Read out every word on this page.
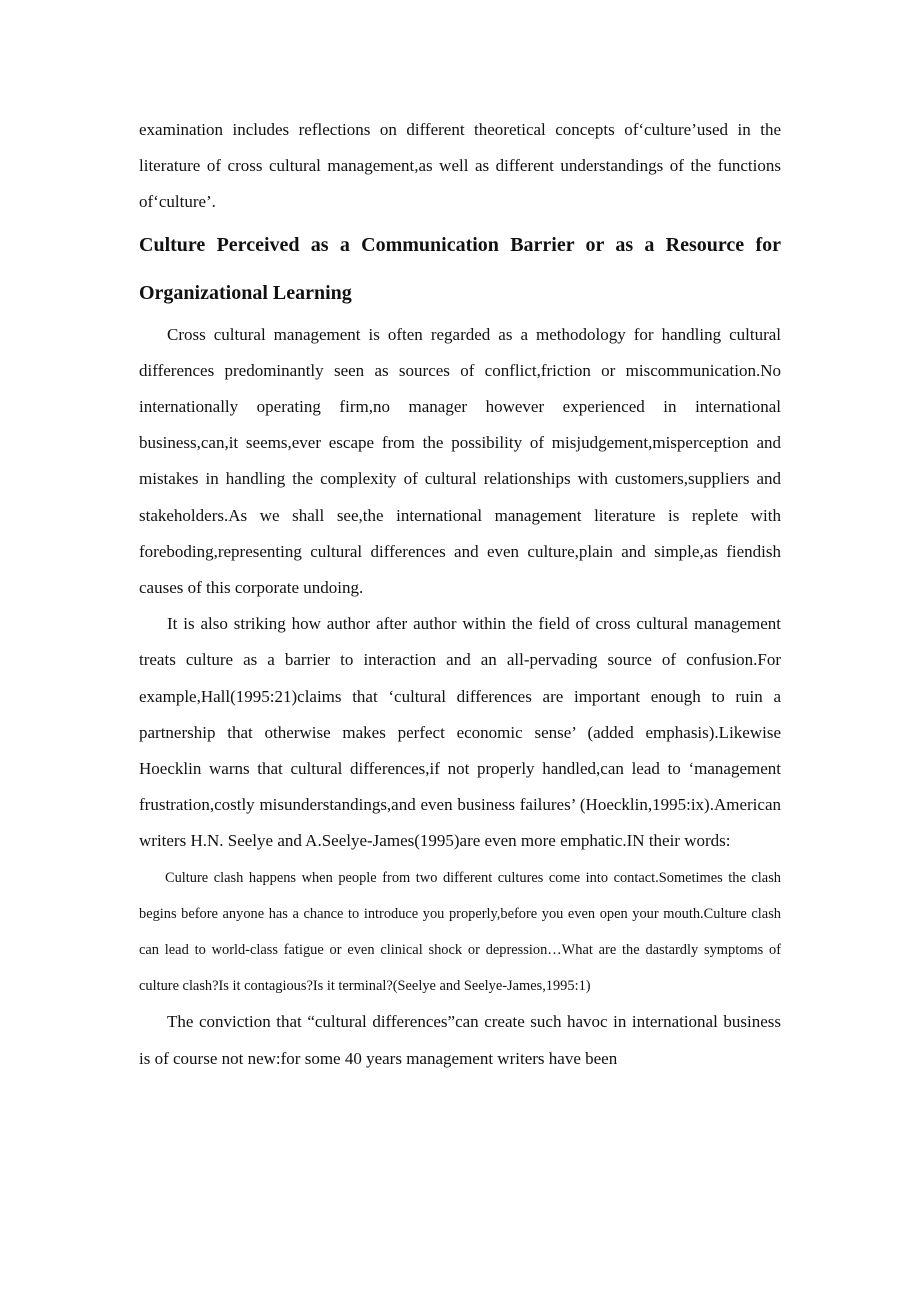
examination includes reflections on different theoretical concepts of‘culture’used in the literature of cross cultural management,as well as different understandings of the functions of‘culture’.

Culture Perceived as a Communication Barrier or as a Resource for Organizational Learning

Cross cultural management is often regarded as a methodology for handling cultural differences predominantly seen as sources of conflict,friction or miscommunication.No internationally operating firm,no manager however experienced in international business,can,it seems,ever escape from the possibility of misjudgement,misperception and mistakes in handling the complexity of cultural relationships with customers,suppliers and stakeholders.As we shall see,the international management literature is replete with foreboding,representing cultural differences and even culture,plain and simple,as fiendish causes of this corporate undoing.

It is also striking how author after author within the field of cross cultural management treats culture as a barrier to interaction and an all-pervading source of confusion.For example,Hall(1995:21)claims that ‘cultural differences are important enough to ruin a partnership that otherwise makes perfect economic sense’ (added emphasis).Likewise Hoecklin warns that cultural differences,if not properly handled,can lead to ‘management frustration,costly misunderstandings,and even business failures’ (Hoecklin,1995:ix).American writers H.N. Seelye and A.Seelye-James(1995)are even more emphatic.IN their words:

Culture clash happens when people from two different cultures come into contact.Sometimes the clash begins before anyone has a chance to introduce you properly,before you even open your mouth.Culture clash can lead to world-class fatigue or even clinical shock or depression…What are the dastardly symptoms of culture clash?Is it contagious?Is it terminal?(Seelye and Seelye-James,1995:1)

The conviction that “cultural differences”can create such havoc in international business is of course not new:for some 40 years management writers have been
